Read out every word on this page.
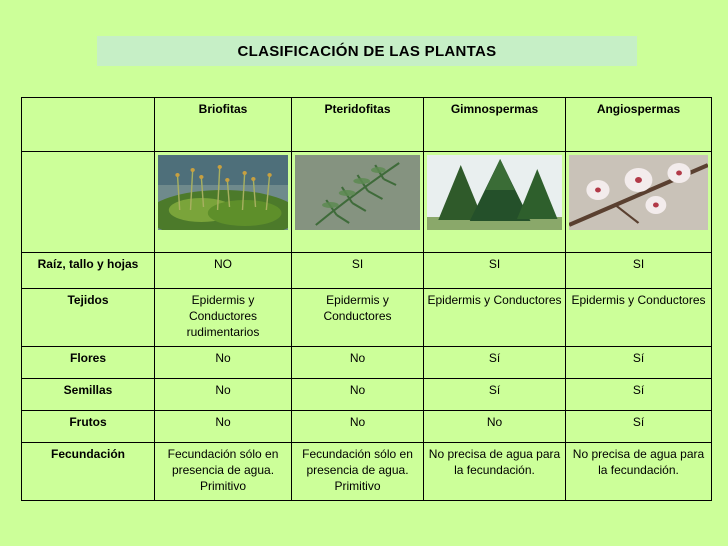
CLASIFICACIÓN DE LAS PLANTAS
	Briofitas	Pteridofitas	Gimnospermas	Angiospermas

Raíz, tallo y hojas	NO	SI	SI	SI
Tejidos	Epidermis y Conductores rudimentarios	Epidermis y Conductores	Epidermis y Conductores	Epidermis y Conductores
Flores	No	No	Sí	Sí
Semillas	No	No	Sí	Sí
Frutos	No	No	No	Sí
Fecundación	Fecundación sólo en presencia de agua. Primitivo	Fecundación sólo en presencia de agua. Primitivo	No precisa de agua para la fecundación.	No precisa de agua para la fecundación.
